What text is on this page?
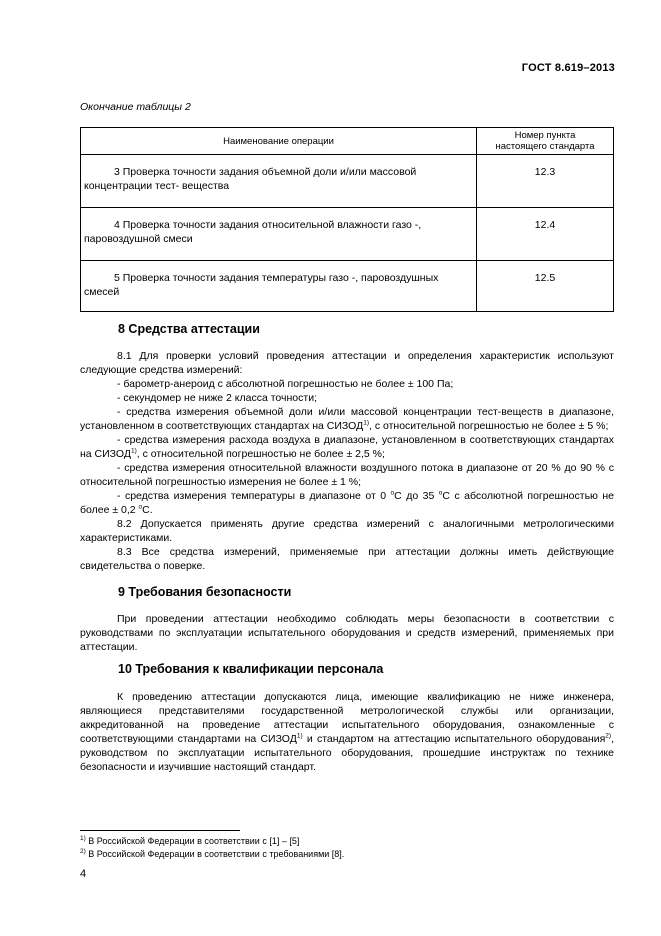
ГОСТ 8.619–2013
Окончание таблицы 2
Наименование операции	Номер пункта
настоящего стандарта
3 Проверка точности задания объемной доли и/или массовой
концентрации тест- вещества	12.3
4 Проверка точности задания относительной влажности газо -,
паровоздушной смеси	12.4
5 Проверка точности задания температуры газо -, паровоздушных
смесей	12.5
8 Средства аттестации

8.1 Для проверки условий проведения аттестации и определения характеристик используют следующие средства измерений:

- барометр-анероид с абсолютной погрешностью не более ± 100 Па;

- секундомер не ниже 2 класса точности;

- средства измерения объемной доли и/или массовой концентрации тест-веществ в диапазоне, установленном в соответствующих стандартах на СИЗОД$^{1)}$, с относительной погрешностью не более ± 5 %;

- средства измерения расхода воздуха в диапазоне, установленном в соответствующих стандартах на СИЗОД$^{1)}$, с относительной погрешностью не более ± 2,5 %;

- средства измерения относительной влажности воздушного потока в диапазоне от 20 % до 90 % с относительной погрешностью измерения не более ± 1 %;

- средства измерения температуры в диапазоне от 0 $^o$С до 35 $^o$С с абсолютной погрешностью не более ± 0,2 $^o$С.

8.2 Допускается применять другие средства измерений с аналогичными метрологическими характеристиками.

8.3 Все средства измерений, применяемые при аттестации должны иметь действующие свидетельства о поверке.

9 Требования безопасности

При проведении аттестации необходимо соблюдать меры безопасности в соответствии с руководствами по эксплуатации испытательного оборудования и средств измерений, применяемых при аттестации.

10 Требования к квалификации персонала

К проведению аттестации допускаются лица, имеющие квалификацию не ниже инженера, являющиеся представителями государственной метрологической службы или организации, аккредитованной на проведение аттестации испытательного оборудования, ознакомленные с соответствующими стандартами на СИЗОД$^{1)}$ и стандартом на аттестацию испытательного оборудования$^{2)}$, руководством по эксплуатации испытательного оборудования, прошедшие инструктаж по технике безопасности и изучившие настоящий стандарт.

$^{1)}$ В Российской Федерации в соответствии с [1] – [5]
$^{2)}$ В Российской Федерации в соответствии с требованиями [8].
4
